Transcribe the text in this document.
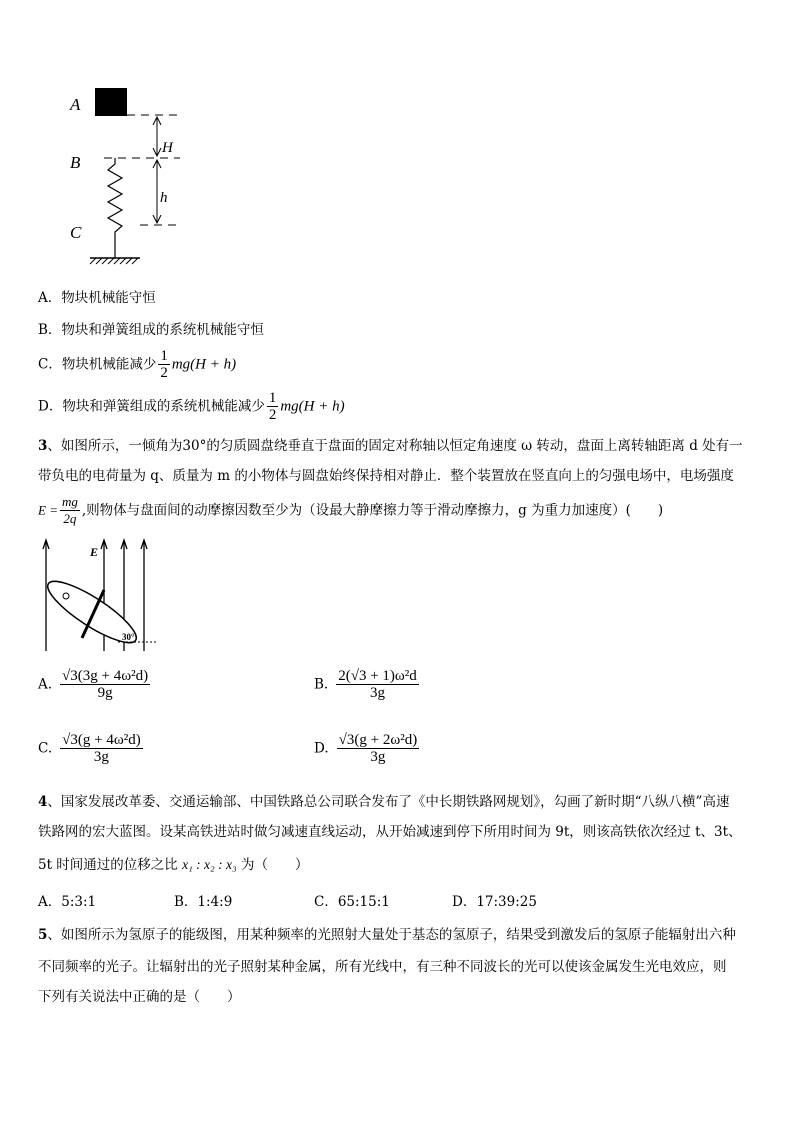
A
B
C
H
h
A．物块机械能守恒
B．物块和弹簧组成的系统机械能守恒
C．物块机械能减少 $\frac{1}{2} mg(H + h)$
D．物块和弹簧组成的系统机械能减少 $\frac{1}{2} mg(H + h)$
3、如图所示，一倾角为30°的匀质圆盘绕垂直于盘面的固定对称轴以恒定角速度 ω 转动，盘面上离转轴距离 d 处有一
带负电的电荷量为 q、质量为 m 的小物体与圆盘始终保持相对静止．整个装置放在竖直向上的匀强电场中，电场强度
$E = \frac{mg}{2q}$ ,则物体与盘面间的动摩擦因数至少为（设最大静摩擦力等于滑动摩擦力，g 为重力加速度）(　　)
E
30°
A. $\frac{\text{√3(3g + 4ω²d)}}{9g}$	B. $\frac{\text{2(√3 + 1)ω²d}}{3g}$
C. $\frac{\text{√3(g + 4ω²d)}}{3g}$	D. $\frac{\text{√3(g + 2ω²d)}}{3g}$
4、国家发展改革委、交通运输部、中国铁路总公司联合发布了《中长期铁路网规划》，勾画了新时期“八纵八横”高速
铁路网的宏大蓝图。设某高铁进站时做匀减速直线运动，从开始减速到停下所用时间为 9t，则该高铁依次经过 t、3t、
5t 时间通过的位移之比 x₁ : x₂ : x₃ 为（　　）
A．5:3:1	B．1:4:9	C．65:15:1	D．17:39:25
5、如图所示为氢原子的能级图，用某种频率的光照射大量处于基态的氢原子，结果受到激发后的氢原子能辐射出六种
不同频率的光子。让辐射出的光子照射某种金属，所有光线中，有三种不同波长的光可以使该金属发生光电效应，则
下列有关说法中正确的是（　　）
